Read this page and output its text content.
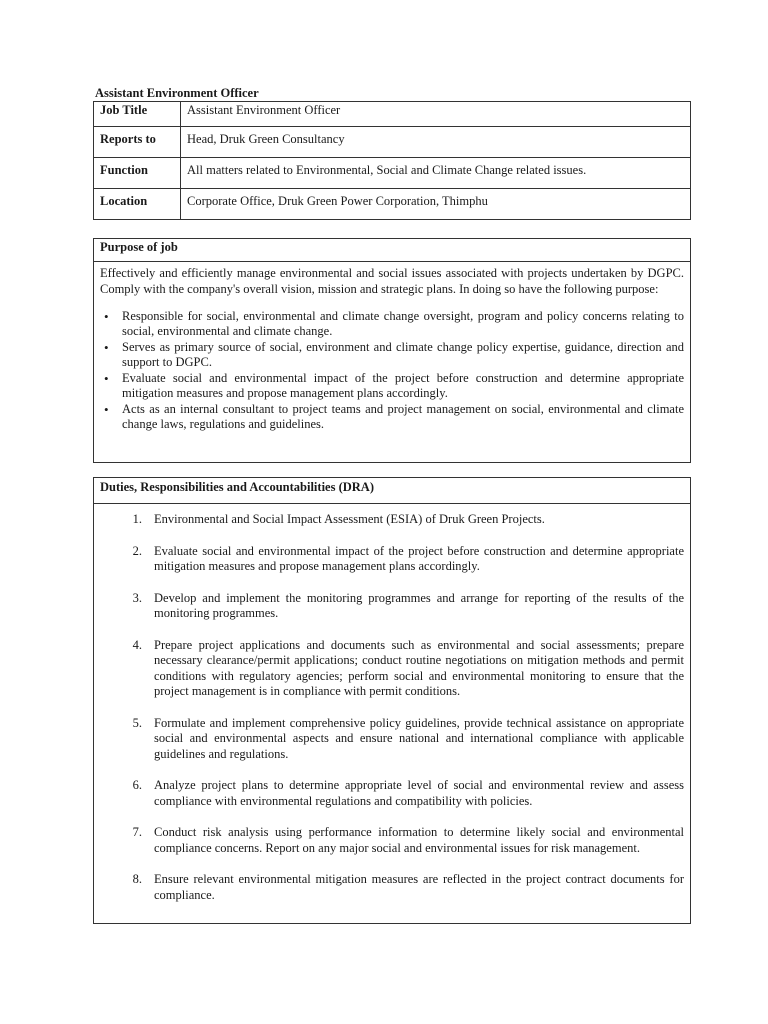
Assistant Environment Officer
Job Title	Assistant Environment Officer
Reports to	Head, Druk Green Consultancy
Function	All matters related to Environmental, Social and Climate Change related issues.
Location	Corporate Office, Druk Green Power Corporation, Thimphu
Purpose of job
Effectively and efficiently manage environmental and social issues associated with projects undertaken by DGPC. Comply with the company's overall vision, mission and strategic plans. In doing so have the following purpose:
• Responsible for social, environmental and climate change oversight, program and policy concerns relating to social, environmental and climate change.
• Serves as primary source of social, environment and climate change policy expertise, guidance, direction and support to DGPC.
• Evaluate social and environmental impact of the project before construction and determine appropriate mitigation measures and propose management plans accordingly.
• Acts as an internal consultant to project teams and project management on social, environmental and climate change laws, regulations and guidelines.
Duties, Responsibilities and Accountabilities (DRA)
1. Environmental and Social Impact Assessment (ESIA) of Druk Green Projects.
2. Evaluate social and environmental impact of the project before construction and determine appropriate mitigation measures and propose management plans accordingly.
3. Develop and implement the monitoring programmes and arrange for reporting of the results of the monitoring programmes.
4. Prepare project applications and documents such as environmental and social assessments; prepare necessary clearance/permit applications; conduct routine negotiations on mitigation methods and permit conditions with regulatory agencies; perform social and environmental monitoring to ensure that the project management is in compliance with permit conditions.
5. Formulate and implement comprehensive policy guidelines, provide technical assistance on appropriate social and environmental aspects and ensure national and international compliance with applicable guidelines and regulations.
6. Analyze project plans to determine appropriate level of social and environmental review and assess compliance with environmental regulations and compatibility with policies.
7. Conduct risk analysis using performance information to determine likely social and environmental compliance concerns. Report on any major social and environmental issues for risk management.
8. Ensure relevant environmental mitigation measures are reflected in the project contract documents for compliance.
